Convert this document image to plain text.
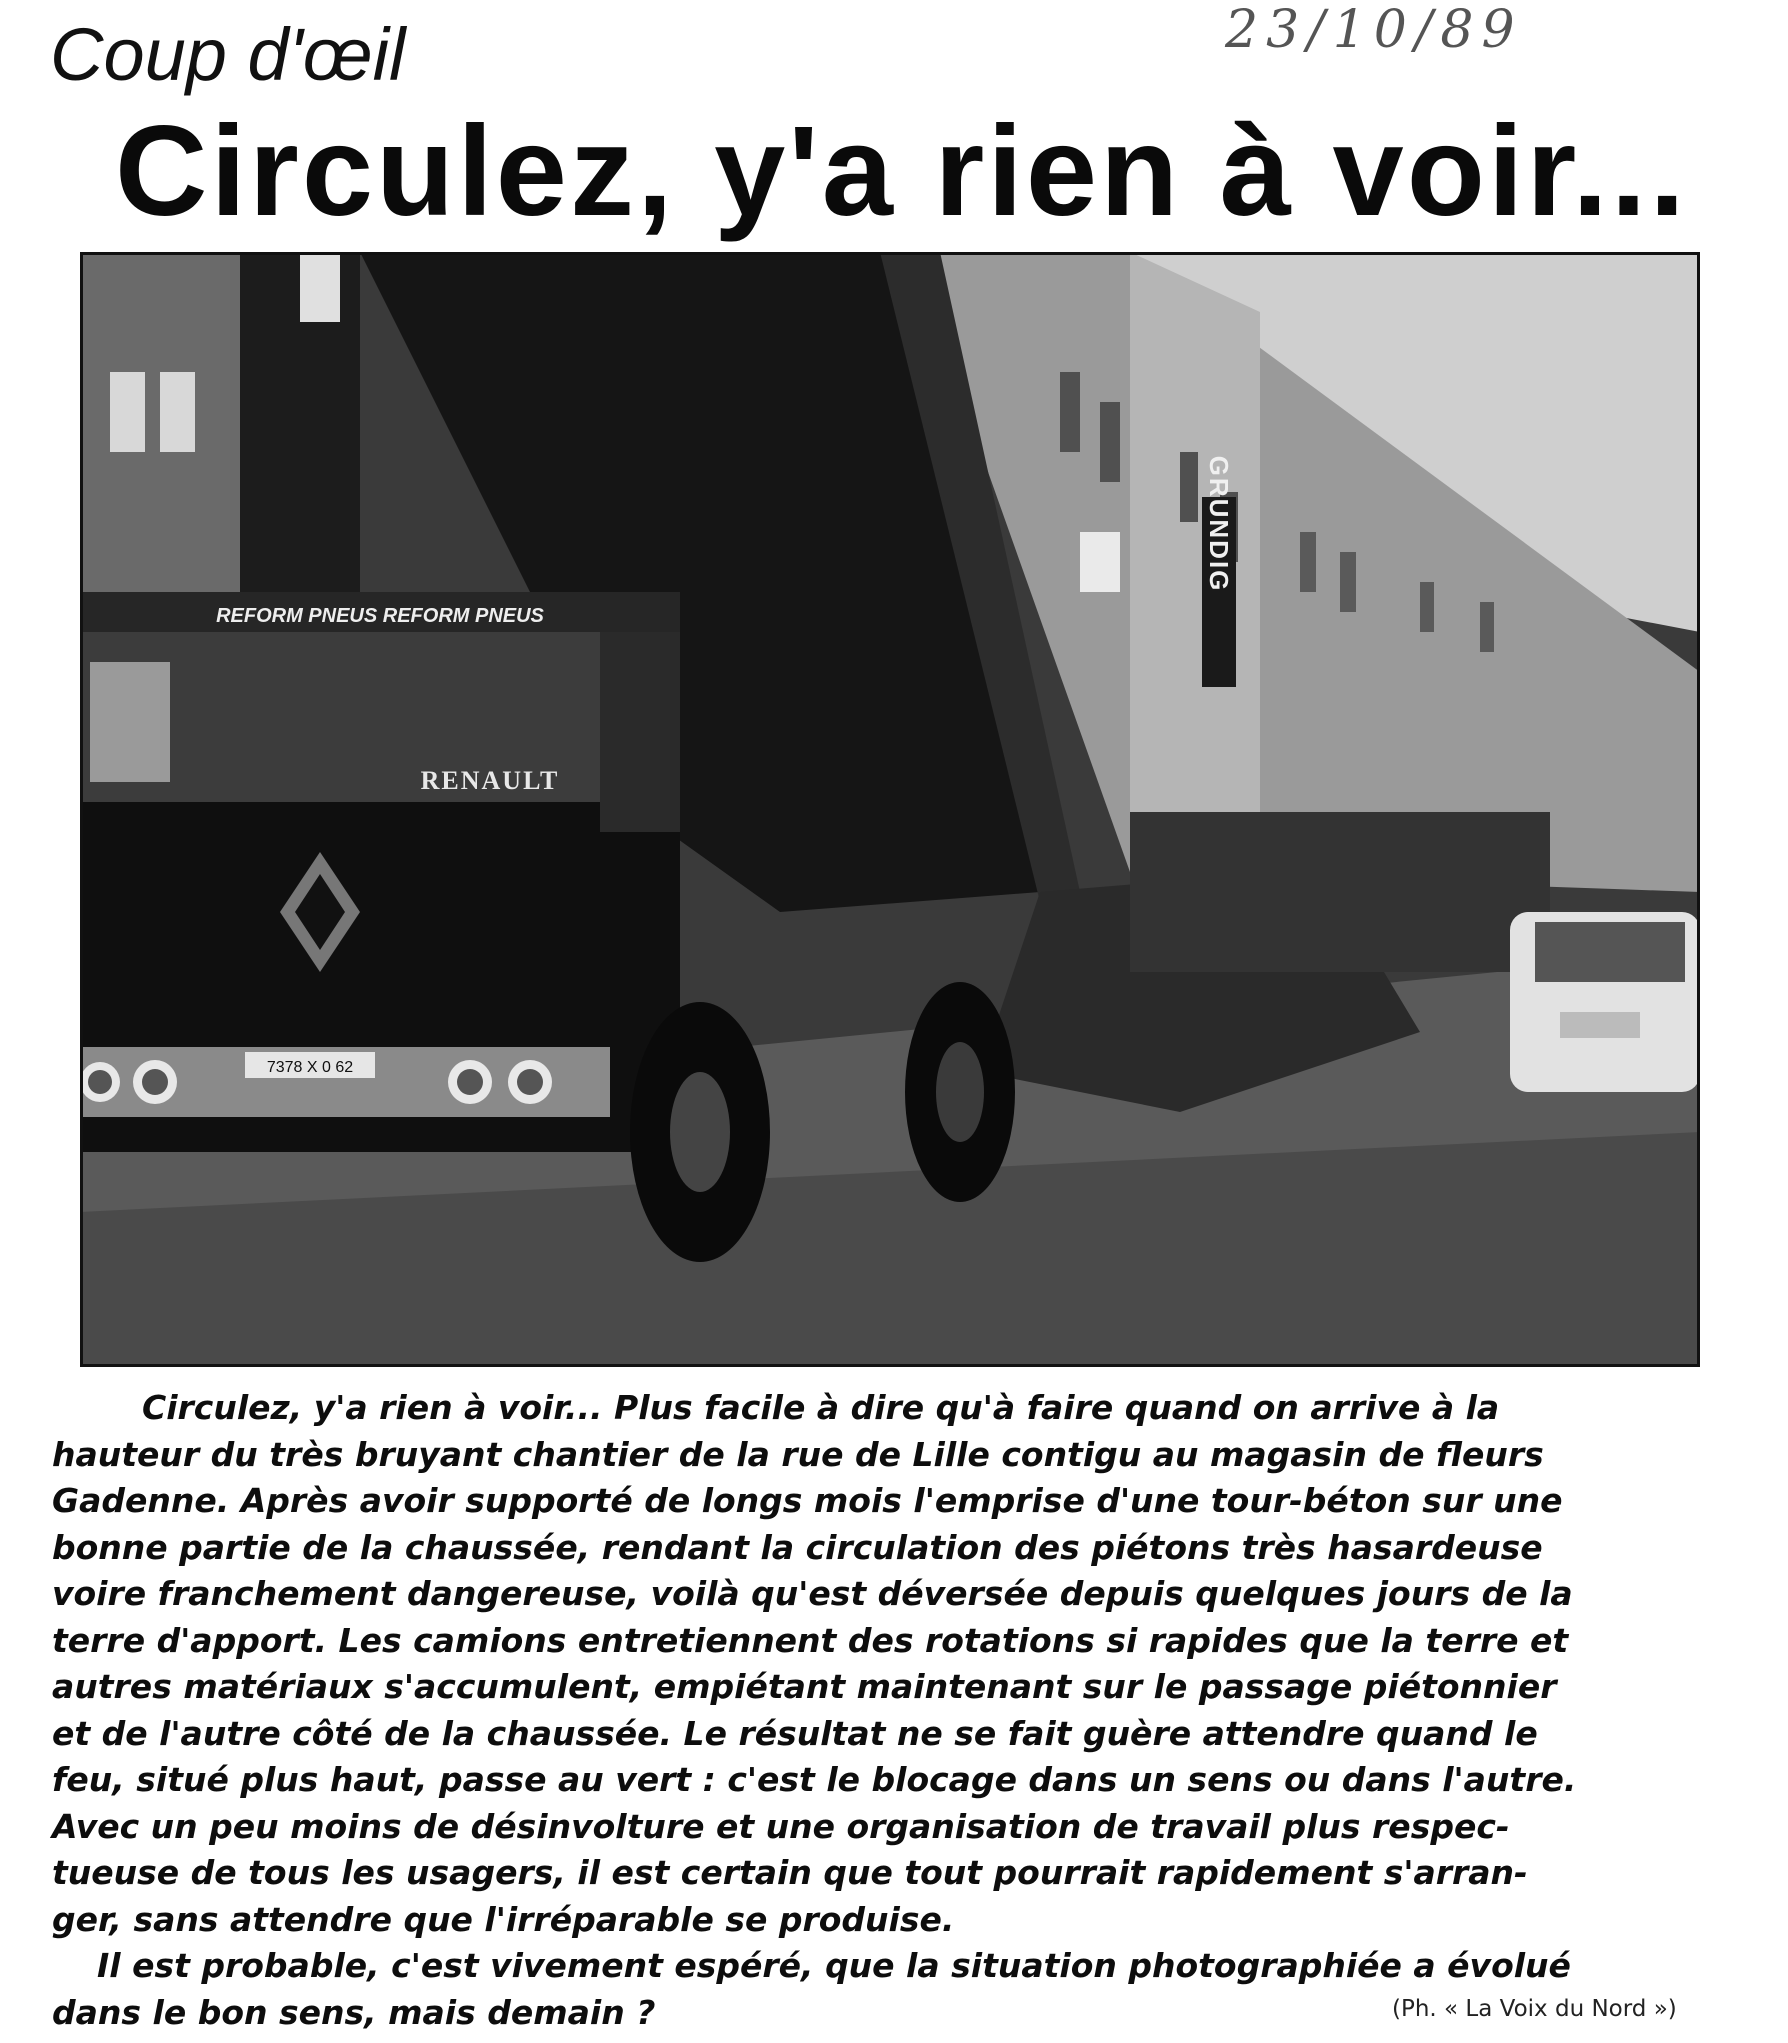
23/10/89
Coup d'œil
Circulez, y'a rien à voir...
GRUNDIG
REFORM PNEUS REFORM PNEUS
RENAULT
7378 X 0 62
Circulez, y'a rien à voir... Plus facile à dire qu'à faire quand on arrive à la
hauteur du très bruyant chantier de la rue de Lille contigu au magasin de fleurs
Gadenne. Après avoir supporté de longs mois l'emprise d'une tour-béton sur une
bonne partie de la chaussée, rendant la circulation des piétons très hasardeuse
voire franchement dangereuse, voilà qu'est déversée depuis quelques jours de la
terre d'apport. Les camions entretiennent des rotations si rapides que la terre et
autres matériaux s'accumulent, empiétant maintenant sur le passage piétonnier
et de l'autre côté de la chaussée. Le résultat ne se fait guère attendre quand le
feu, situé plus haut, passe au vert : c'est le blocage dans un sens ou dans l'autre.
Avec un peu moins de désinvolture et une organisation de travail plus respec-
tueuse de tous les usagers, il est certain que tout pourrait rapidement s'arran-
ger, sans attendre que l'irréparable se produise.
Il est probable, c'est vivement espéré, que la situation photographiée a évolué
dans le bon sens, mais demain ?	(Ph. « La Voix du Nord »)
